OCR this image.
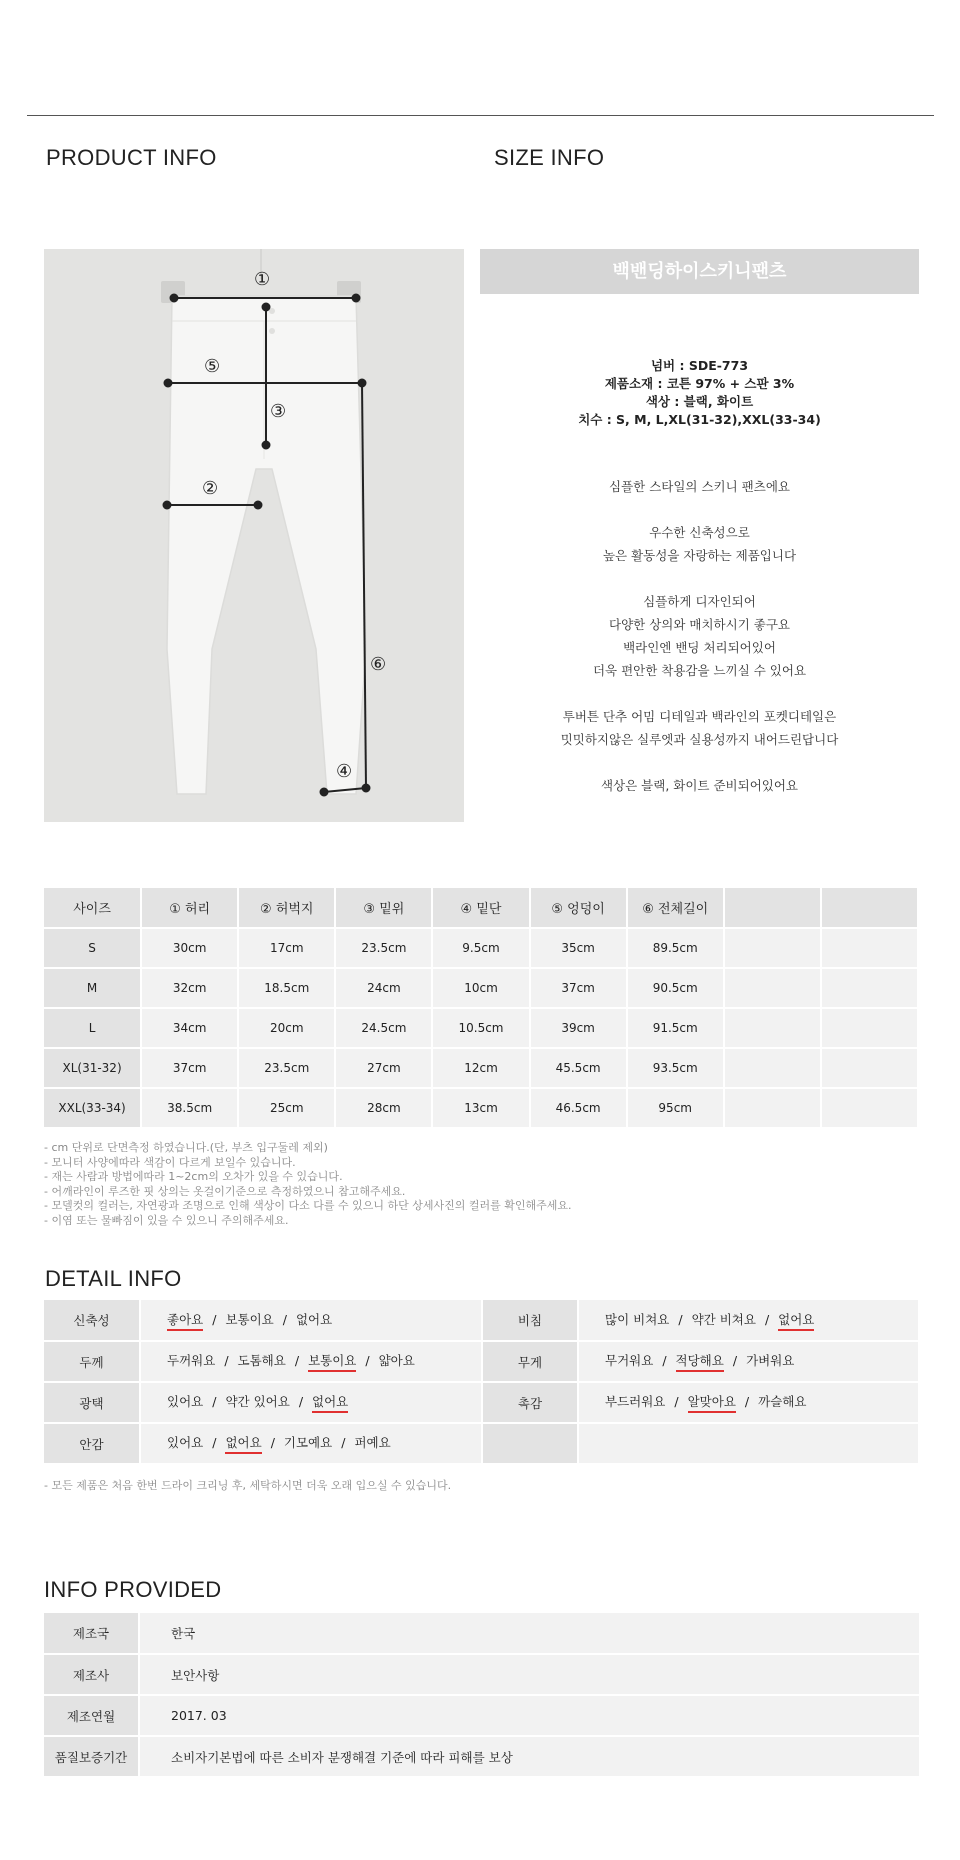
PRODUCT INFO	SIZE INFO
①
⑤
③
②
⑥
④
백밴딩하이스키니팬츠
넘버 : SDE-773
제품소재 : 코튼 97% + 스판 3%
색상 : 블랙, 화이트
치수 : S, M, L,XL(31-32),XXL(33-34)

심플한 스타일의 스키니 팬츠에요

우수한 신축성으로

높은 활동성을 자랑하는 제품입니다

심플하게 디자인되어

다양한 상의와 매치하시기 좋구요

백라인엔 밴딩 처리되어있어

더욱 편안한 착용감을 느끼실 수 있어요

투버튼 단추 어밈 디테일과 백라인의 포켓디테일은

밋밋하지않은 실루엣과 실용성까지 내어드린답니다

색상은 블랙, 화이트 준비되어있어요

사이즈	① 허리	② 허벅지	③ 밑위	④ 밑단	⑤ 엉덩이	⑥ 전체길이		
S	30cm	17cm	23.5cm	9.5cm	35cm	89.5cm		
M	32cm	18.5cm	24cm	10cm	37cm	90.5cm		
L	34cm	20cm	24.5cm	10.5cm	39cm	91.5cm		
XL(31-32)	37cm	23.5cm	27cm	12cm	45.5cm	93.5cm		
XXL(33-34)	38.5cm	25cm	28cm	13cm	46.5cm	95cm		
- cm 단위로 단면측정 하였습니다.(단, 부츠 입구둘레 제외)
- 모니터 사양에따라 색감이 다르게 보일수 있습니다.
- 재는 사람과 방법에따라 1~2cm의 오차가 있을 수 있습니다.
- 어깨라인이 루즈한 핏 상의는 옷걸이기준으로 측정하였으니 참고해주세요.
- 모델컷의 컬러는, 자연광과 조명으로 인해 색상이 다소 다를 수 있으니 하단 상세사진의 컬러를 확인해주세요.
- 이염 또는 물빠짐이 있을 수 있으니 주의해주세요.
DETAIL INFO
신축성	좋아요 / 보통이요 / 없어요	비침	많이 비쳐요 / 약간 비쳐요 / 없어요
두께	두꺼워요 / 도톰해요 / 보통이요 / 얇아요	무게	무거워요 / 적당해요 / 가벼워요
광택	있어요 / 약간 있어요 / 없어요	촉감	부드러워요 / 알맞아요 / 까슬해요
안감	있어요 / 없어요 / 기모예요 / 퍼예요		
- 모든 제품은 처음 한번 드라이 크리닝 후, 세탁하시면 더욱 오래 입으실 수 있습니다.
INFO PROVIDED
제조국	한국
제조사	보안사항
제조연월	2017. 03
품질보증기간	소비자기본법에 따른 소비자 분쟁해결 기준에 따라 피해를 보상
